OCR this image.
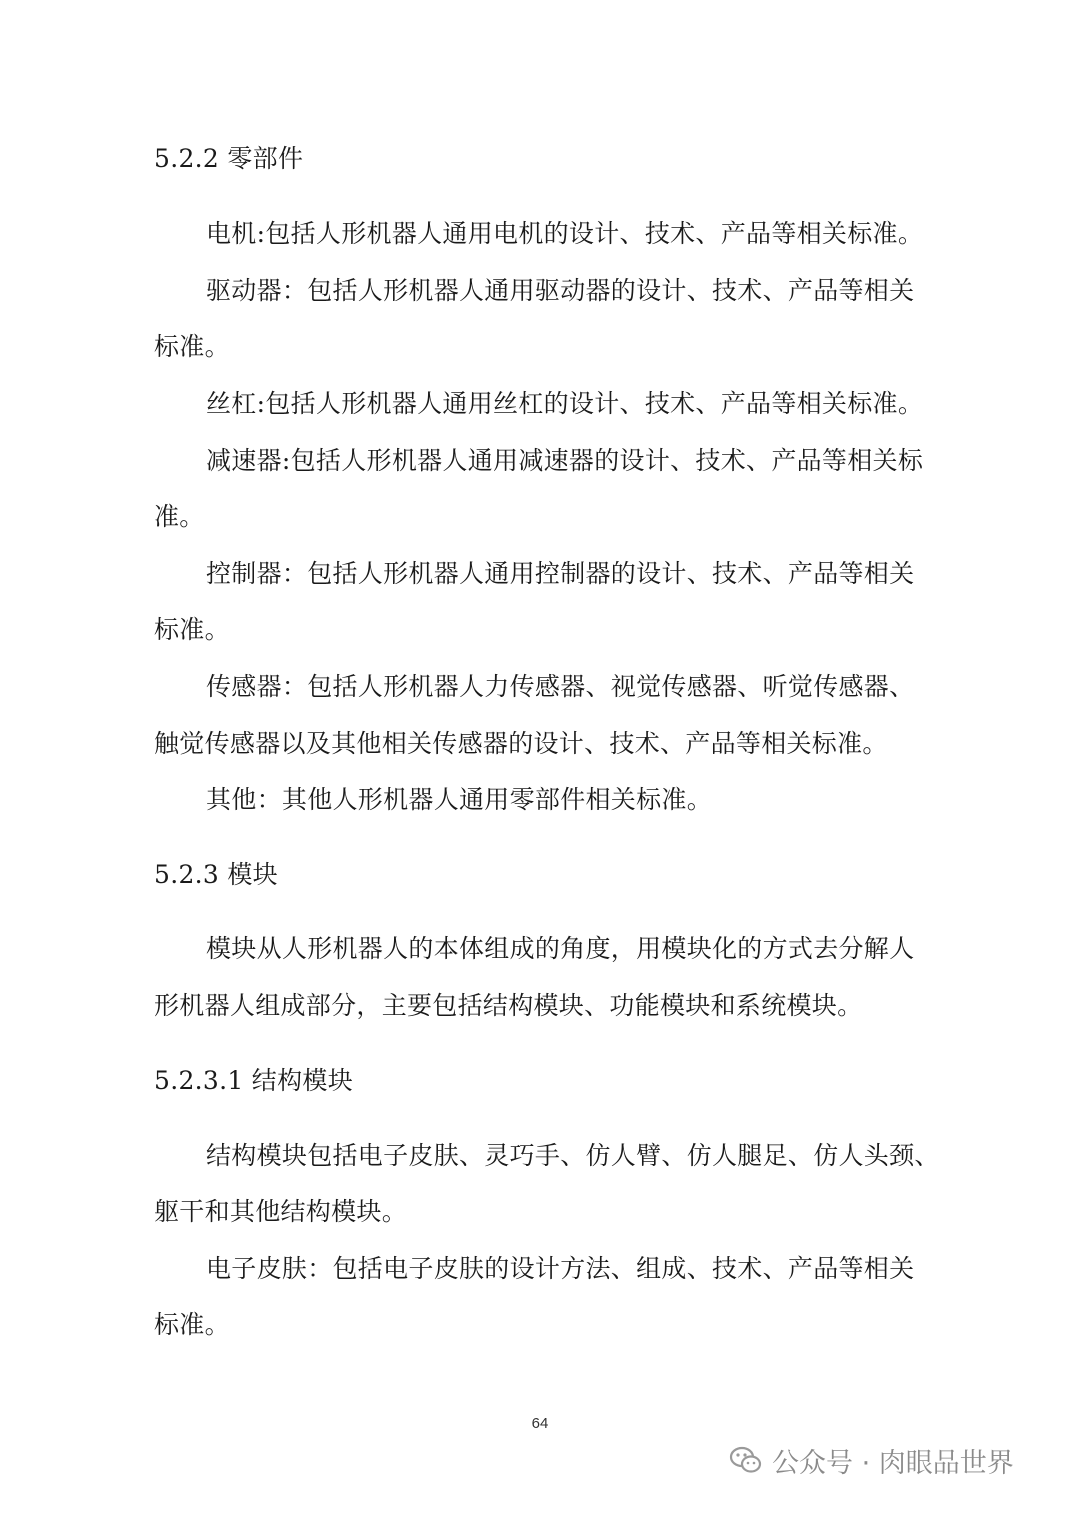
5.2.2 零部件
电机:包括人形机器人通用电机的设计、技术、产品等相关标准。
驱动器：包括人形机器人通用驱动器的设计、技术、产品等相关
标准。
丝杠:包括人形机器人通用丝杠的设计、技术、产品等相关标准。
减速器:包括人形机器人通用减速器的设计、技术、产品等相关标
准。
控制器：包括人形机器人通用控制器的设计、技术、产品等相关
标准。
传感器：包括人形机器人力传感器、视觉传感器、听觉传感器、
触觉传感器以及其他相关传感器的设计、技术、产品等相关标准。
其他：其他人形机器人通用零部件相关标准。
5.2.3 模块
模块从人形机器人的本体组成的角度，用模块化的方式去分解人
形机器人组成部分，主要包括结构模块、功能模块和系统模块。
5.2.3.1 结构模块
结构模块包括电子皮肤、灵巧手、仿人臂、仿人腿足、仿人头颈、
躯干和其他结构模块。
电子皮肤：包括电子皮肤的设计方法、组成、技术、产品等相关
标准。
64
公众号 · 肉眼品世界
